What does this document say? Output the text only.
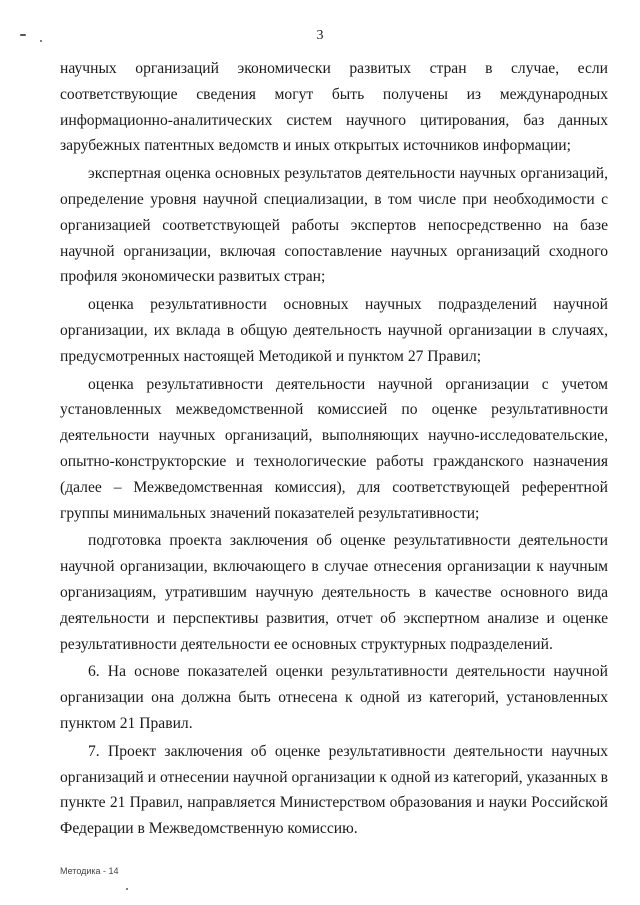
3

научных организаций экономически развитых стран в случае, если соответствующие сведения могут быть получены из международных информационно-аналитических систем научного цитирования, баз данных зарубежных патентных ведомств и иных открытых источников информации;

экспертная оценка основных результатов деятельности научных организаций, определение уровня научной специализации, в том числе при необходимости с организацией соответствующей работы экспертов непосредственно на базе научной организации, включая сопоставление научных организаций сходного профиля экономически развитых стран;

оценка результативности основных научных подразделений научной организации, их вклада в общую деятельность научной организации в случаях, предусмотренных настоящей Методикой и пунктом 27 Правил;

оценка результативности деятельности научной организации с учетом установленных межведомственной комиссией по оценке результативности деятельности научных организаций, выполняющих научно-исследовательские, опытно-конструкторские и технологические работы гражданского назначения (далее – Межведомственная комиссия), для соответствующей референтной группы минимальных значений показателей результативности;

подготовка проекта заключения об оценке результативности деятельности научной организации, включающего в случае отнесения организации к научным организациям, утратившим научную деятельность в качестве основного вида деятельности и перспективы развития, отчет об экспертном анализе и оценке результативности деятельности ее основных структурных подразделений.

6. На основе показателей оценки результативности деятельности научной организации она должна быть отнесена к одной из категорий, установленных пунктом 21 Правил.

7. Проект заключения об оценке результативности деятельности научных организаций и отнесении научной организации к одной из категорий, указанных в пункте 21 Правил, направляется Министерством образования и науки Российской Федерации в Межведомственную комиссию.

Методика - 14
